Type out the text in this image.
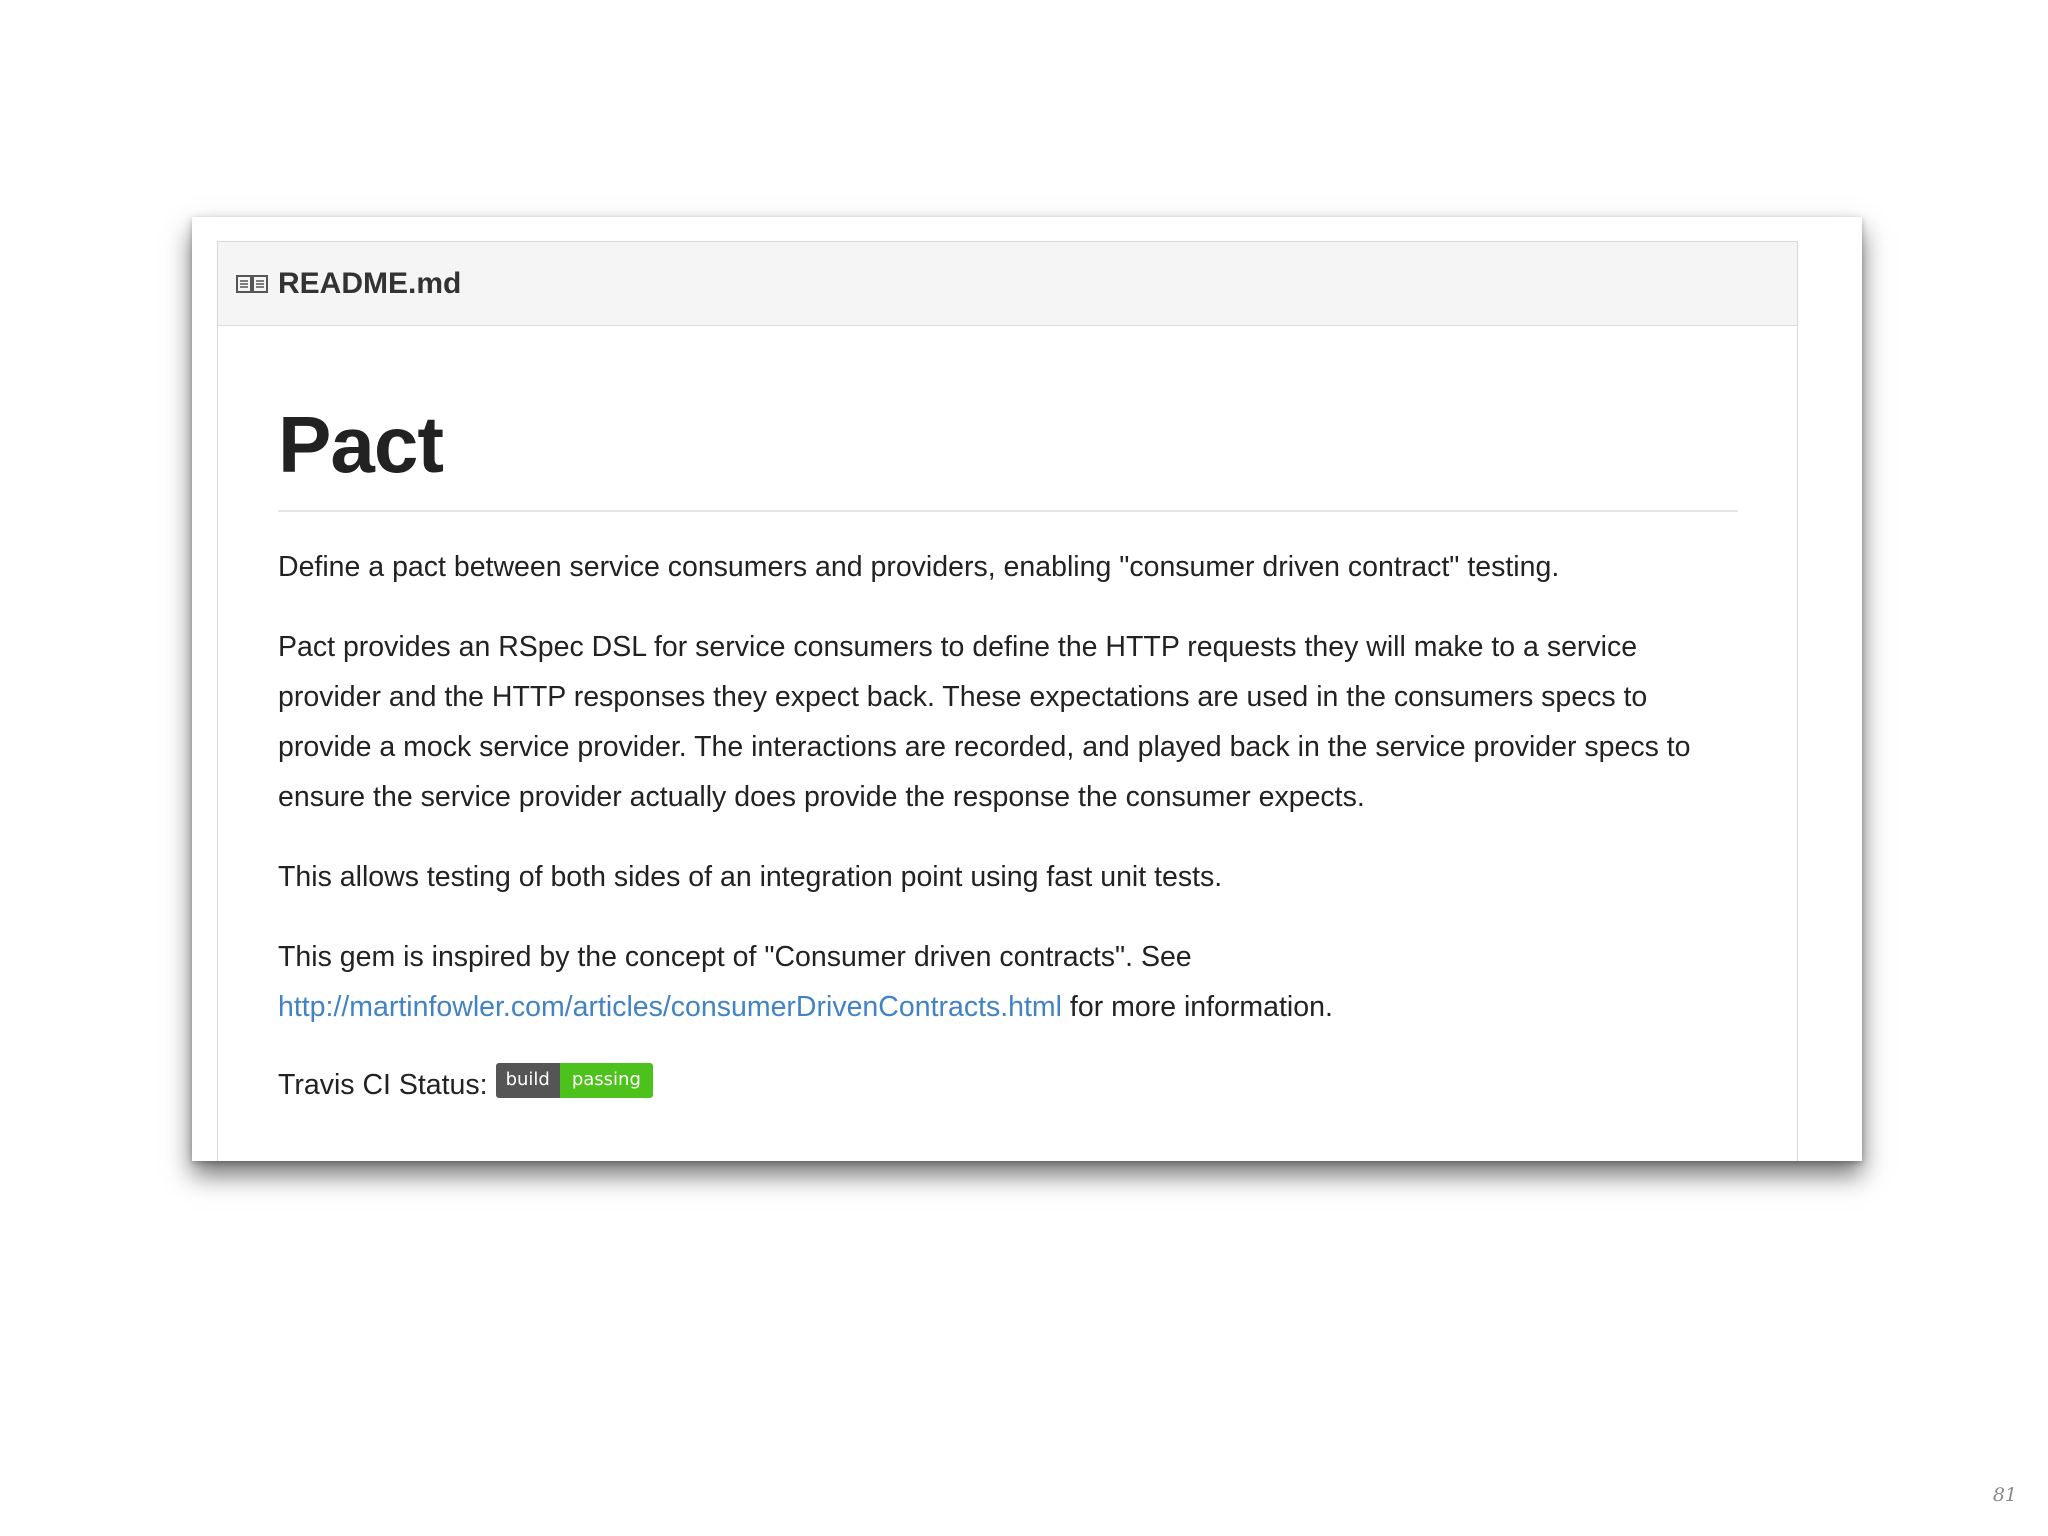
README.md
Pact

Define a pact between service consumers and providers, enabling "consumer driven contract" testing.

Pact provides an RSpec DSL for service consumers to define the HTTP requests they will make to a service provider and the HTTP responses they expect back. These expectations are used in the consumers specs to provide a mock service provider. The interactions are recorded, and played back in the service provider specs to ensure the service provider actually does provide the response the consumer expects.

This allows testing of both sides of an integration point using fast unit tests.

This gem is inspired by the concept of "Consumer driven contracts". See
http://martinfowler.com/articles/consumerDrivenContracts.html for more information.

Travis CI Status:	build	passing

81
